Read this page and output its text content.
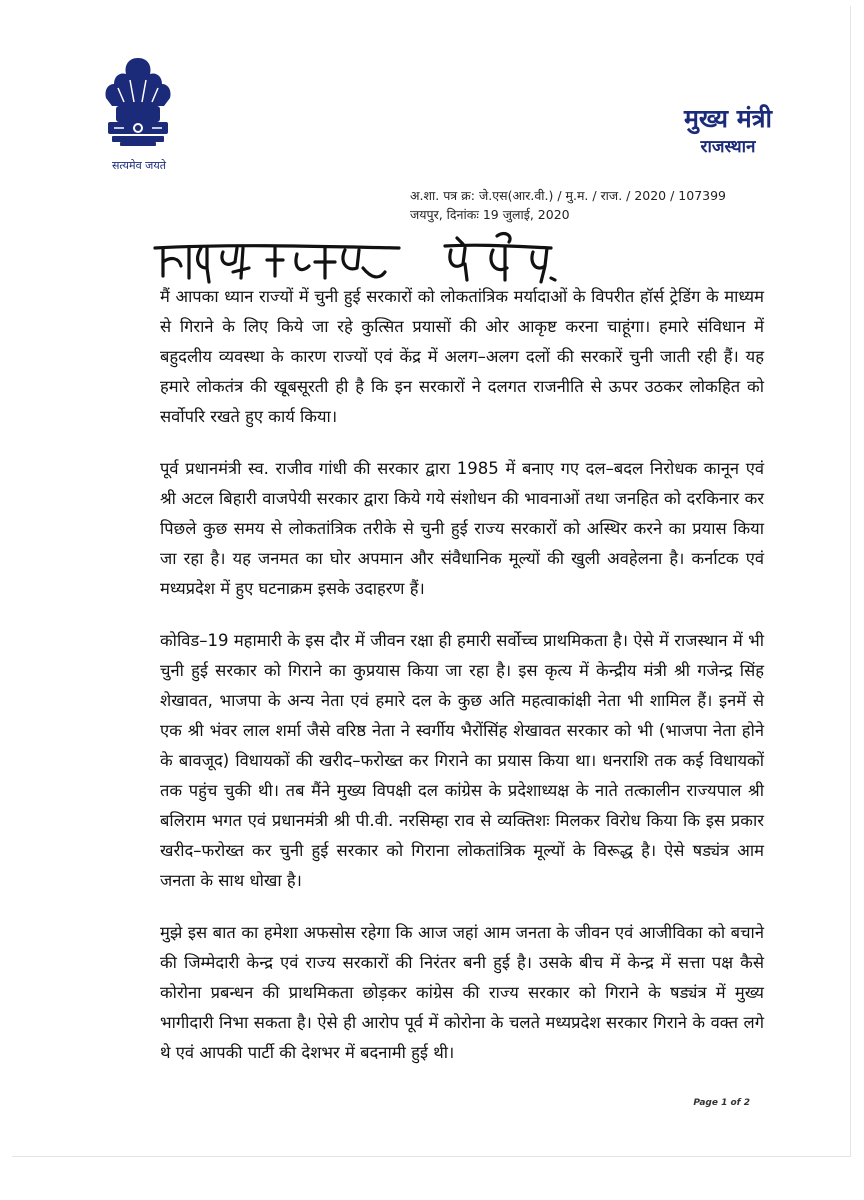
सत्यमेव जयते
मुख्य मंत्री
राजस्थान
अ.शा. पत्र क्र: जे.एस(आर.वी.) / मु.म. / राज. / 2020 / 107399
जयपुर, दिनांकः 19 जुलाई, 2020

मैं आपका ध्यान राज्यों में चुनी हुई सरकारों को लोकतांत्रिक मर्यादाओं के विपरीत हॉर्स ट्रेडिंग के माध्यम से गिराने के लिए किये जा रहे कुत्सित प्रयासों की ओर आकृष्ट करना चाहूंगा। हमारे संविधान में बहुदलीय व्यवस्था के कारण राज्यों एवं केंद्र में अलग–अलग दलों की सरकारें चुनी जाती रही हैं। यह हमारे लोकतंत्र की खूबसूरती ही है कि इन सरकारों ने दलगत राजनीति से ऊपर उठकर लोकहित को सर्वोपरि रखते हुए कार्य किया।

पूर्व प्रधानमंत्री स्व. राजीव गांधी की सरकार द्वारा 1985 में बनाए गए दल–बदल निरोधक कानून एवं श्री अटल बिहारी वाजपेयी सरकार द्वारा किये गये संशोधन की भावनाओं तथा जनहित को दरकिनार कर पिछले कुछ समय से लोकतांत्रिक तरीके से चुनी हुई राज्य सरकारों को अस्थिर करने का प्रयास किया जा रहा है। यह जनमत का घोर अपमान और संवैधानिक मूल्यों की खुली अवहेलना है। कर्नाटक एवं मध्यप्रदेश में हुए घटनाक्रम इसके उदाहरण हैं।

कोविड–19 महामारी के इस दौर में जीवन रक्षा ही हमारी सर्वोच्च प्राथमिकता है। ऐसे में राजस्थान में भी चुनी हुई सरकार को गिराने का कुप्रयास किया जा रहा है। इस कृत्य में केन्द्रीय मंत्री श्री गजेन्द्र सिंह शेखावत, भाजपा के अन्य नेता एवं हमारे दल के कुछ अति महत्वाकांक्षी नेता भी शामिल हैं। इनमें से एक श्री भंवर लाल शर्मा जैसे वरिष्ठ नेता ने स्वर्गीय भैरोंसिंह शेखावत सरकार को भी (भाजपा नेता होने के बावजूद) विधायकों की खरीद–फरोख्त कर गिराने का प्रयास किया था। धनराशि तक कई विधायकों तक पहुंच चुकी थी। तब मैंने मुख्य विपक्षी दल कांग्रेस के प्रदेशाध्यक्ष के नाते तत्कालीन राज्यपाल श्री बलिराम भगत एवं प्रधानमंत्री श्री पी.वी. नरसिम्हा राव से व्यक्तिशः मिलकर विरोध किया कि इस प्रकार खरीद–फरोख्त कर चुनी हुई सरकार को गिराना लोकतांत्रिक मूल्यों के विरूद्ध है। ऐसे षड्यंत्र आम जनता के साथ धोखा है।

मुझे इस बात का हमेशा अफसोस रहेगा कि आज जहां आम जनता के जीवन एवं आजीविका को बचाने की जिम्मेदारी केन्द्र एवं राज्य सरकारों की निरंतर बनी हुई है। उसके बीच में केन्द्र में सत्ता पक्ष कैसे कोरोना प्रबन्धन की प्राथमिकता छोड़कर कांग्रेस की राज्य सरकार को गिराने के षड्यंत्र में मुख्य भागीदारी निभा सकता है। ऐसे ही आरोप पूर्व में कोरोना के चलते मध्यप्रदेश सरकार गिराने के वक्त लगे थे एवं आपकी पार्टी की देशभर में बदनामी हुई थी।

Page 1 of 2
